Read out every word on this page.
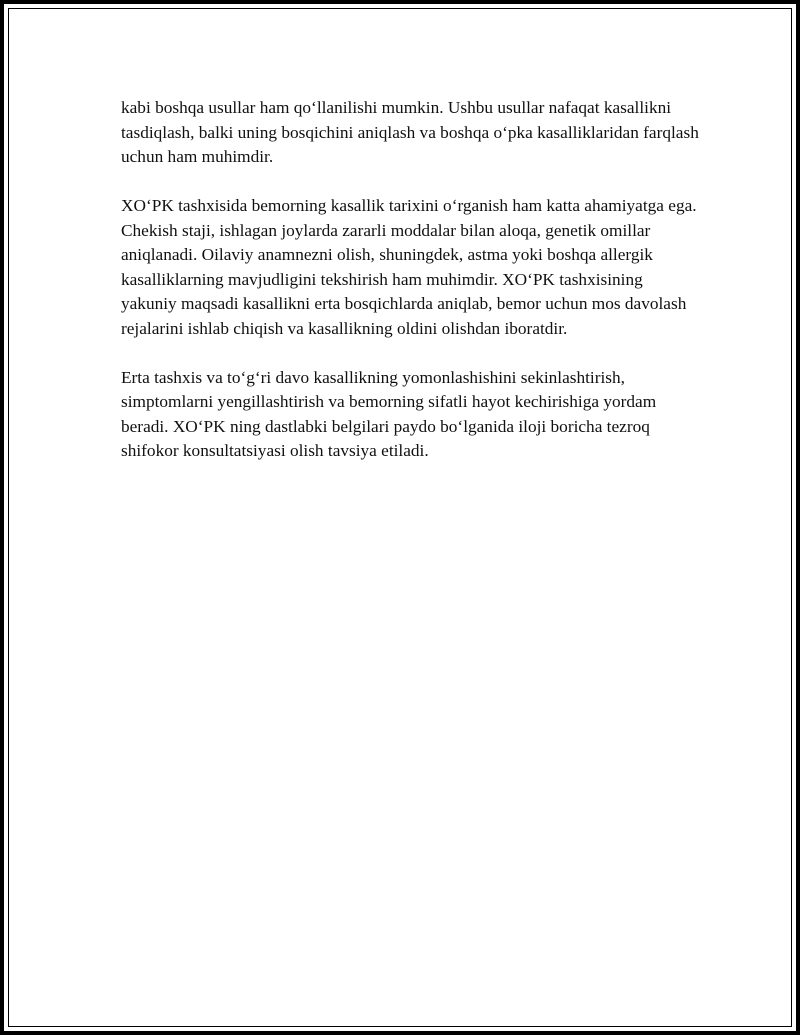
kabi boshqa usullar ham qo‘llanilishi mumkin. Ushbu usullar nafaqat kasallikni tasdiqlash, balki uning bosqichini aniqlash va boshqa o‘pka kasalliklaridan farqlash uchun ham muhimdir.

XO‘PK tashxisida bemorning kasallik tarixini o‘rganish ham katta ahamiyatga ega. Chekish staji, ishlagan joylarda zararli moddalar bilan aloqa, genetik omillar aniqlanadi. Oilaviy anamnezni olish, shuningdek, astma yoki boshqa allergik kasalliklarning mavjudligini tekshirish ham muhimdir. XO‘PK tashxisining yakuniy maqsadi kasallikni erta bosqichlarda aniqlab, bemor uchun mos davolash rejalarini ishlab chiqish va kasallikning oldini olishdan iboratdir.

Erta tashxis va to‘g‘ri davo kasallikning yomonlashishini sekinlashtirish, simptomlarni yengillashtirish va bemorning sifatli hayot kechirishiga yordam beradi. XO‘PK ning dastlabki belgilari paydo bo‘lganida iloji boricha tezroq shifokor konsultatsiyasi olish tavsiya etiladi.
